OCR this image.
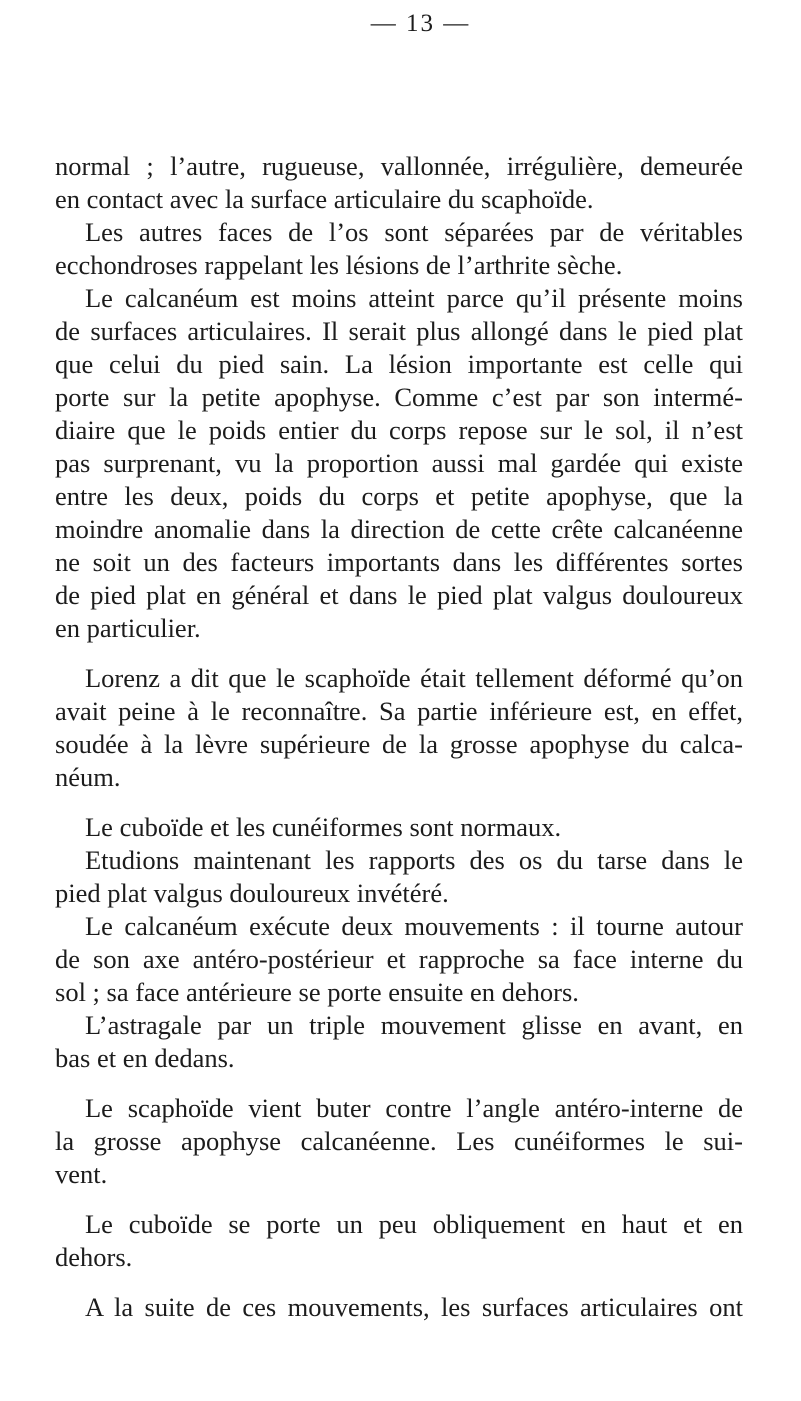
— 13 —
normal ; l’autre, rugueuse, vallonnée, irrégulière, demeurée
en contact avec la surface articulaire du scaphoïde.
Les autres faces de l’os sont séparées par de véritables
ecchondroses rappelant les lésions de l’arthrite sèche.
Le calcanéum est moins atteint parce qu’il présente moins
de surfaces articulaires. Il serait plus allongé dans le pied plat
que celui du pied sain. La lésion importante est celle qui
porte sur la petite apophyse. Comme c’est par son intermé-
diaire que le poids entier du corps repose sur le sol, il n’est
pas surprenant, vu la proportion aussi mal gardée qui existe
entre les deux, poids du corps et petite apophyse, que la
moindre anomalie dans la direction de cette crête calcanéenne
ne soit un des facteurs importants dans les différentes sortes
de pied plat en général et dans le pied plat valgus douloureux
en particulier.
Lorenz a dit que le scaphoïde était tellement déformé qu’on
avait peine à le reconnaître. Sa partie inférieure est, en effet,
soudée à la lèvre supérieure de la grosse apophyse du calca-
néum.
Le cuboïde et les cunéiformes sont normaux.
Etudions maintenant les rapports des os du tarse dans le
pied plat valgus douloureux invétéré.
Le calcanéum exécute deux mouvements : il tourne autour
de son axe antéro-postérieur et rapproche sa face interne du
sol ; sa face antérieure se porte ensuite en dehors.
L’astragale par un triple mouvement glisse en avant, en
bas et en dedans.
Le scaphoïde vient buter contre l’angle antéro-interne de
la grosse apophyse calcanéenne. Les cunéiformes le sui-
vent.
Le cuboïde se porte un peu obliquement en haut et en
dehors.
A la suite de ces mouvements, les surfaces articulaires ont
